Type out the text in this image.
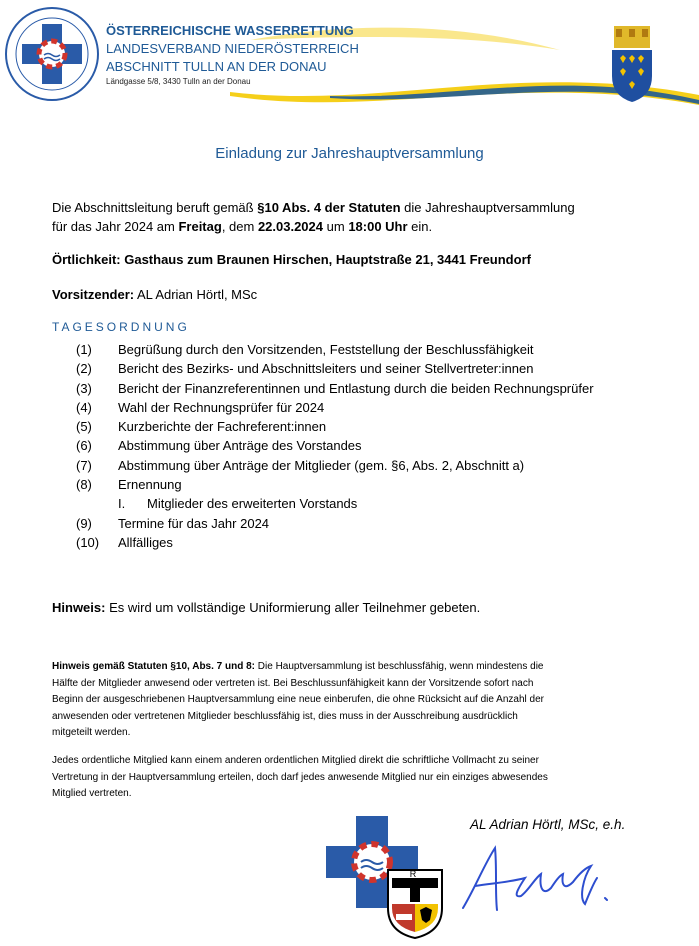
ÖSTERREICHISCHE WASSERRETTUNG
LANDESVERBAND NIEDERÖSTERREICH
ABSCHNITT TULLN AN DER DONAU
Ländgasse 5/8, 3430 Tulln an der Donau
Einladung zur Jahreshauptversammlung
Die Abschnittsleitung beruft gemäß §10 Abs. 4 der Statuten die Jahreshauptversammlung
für das Jahr 2024 am Freitag, dem 22.03.2024 um 18:00 Uhr ein.
Örtlichkeit: Gasthaus zum Braunen Hirschen, Hauptstraße 21, 3441 Freundorf
Vorsitzender: AL Adrian Hörtl, MSc
TAGESORDNUNG
(1) Begrüßung durch den Vorsitzenden, Feststellung der Beschlussfähigkeit
(2) Bericht des Bezirks- und Abschnittsleiters und seiner Stellvertreter:innen
(3) Bericht der Finanzreferentinnen und Entlastung durch die beiden Rechnungsprüfer
(4) Wahl der Rechnungsprüfer für 2024
(5) Kurzberichte der Fachreferent:innen
(6) Abstimmung über Anträge des Vorstandes
(7) Abstimmung über Anträge der Mitglieder (gem. §6, Abs. 2, Abschnitt a)
(8) Ernennung
I. Mitglieder des erweiterten Vorstands
(9) Termine für das Jahr 2024
(10) Allfälliges
Hinweis: Es wird um vollständige Uniformierung aller Teilnehmer gebeten.
Hinweis gemäß Statuten §10, Abs. 7 und 8: Die Hauptversammlung ist beschlussfähig, wenn mindestens die
Hälfte der Mitglieder anwesend oder vertreten ist. Bei Beschlussunfähigkeit kann der Vorsitzende sofort nach
Beginn der ausgeschriebenen Hauptversammlung eine neue einberufen, die ohne Rücksicht auf die Anzahl der
anwesenden oder vertretenen Mitglieder beschlussfähig ist, dies muss in der Ausschreibung ausdrücklich
mitgeteilt werden.
Jedes ordentliche Mitglied kann einem anderen ordentlichen Mitglied direkt die schriftliche Vollmacht zu seiner
Vertretung in der Hauptversammlung erteilen, doch darf jedes anwesende Mitglied nur ein einziges abwesendes
Mitglied vertreten.
R
AL Adrian Hörtl, MSc, e.h.
